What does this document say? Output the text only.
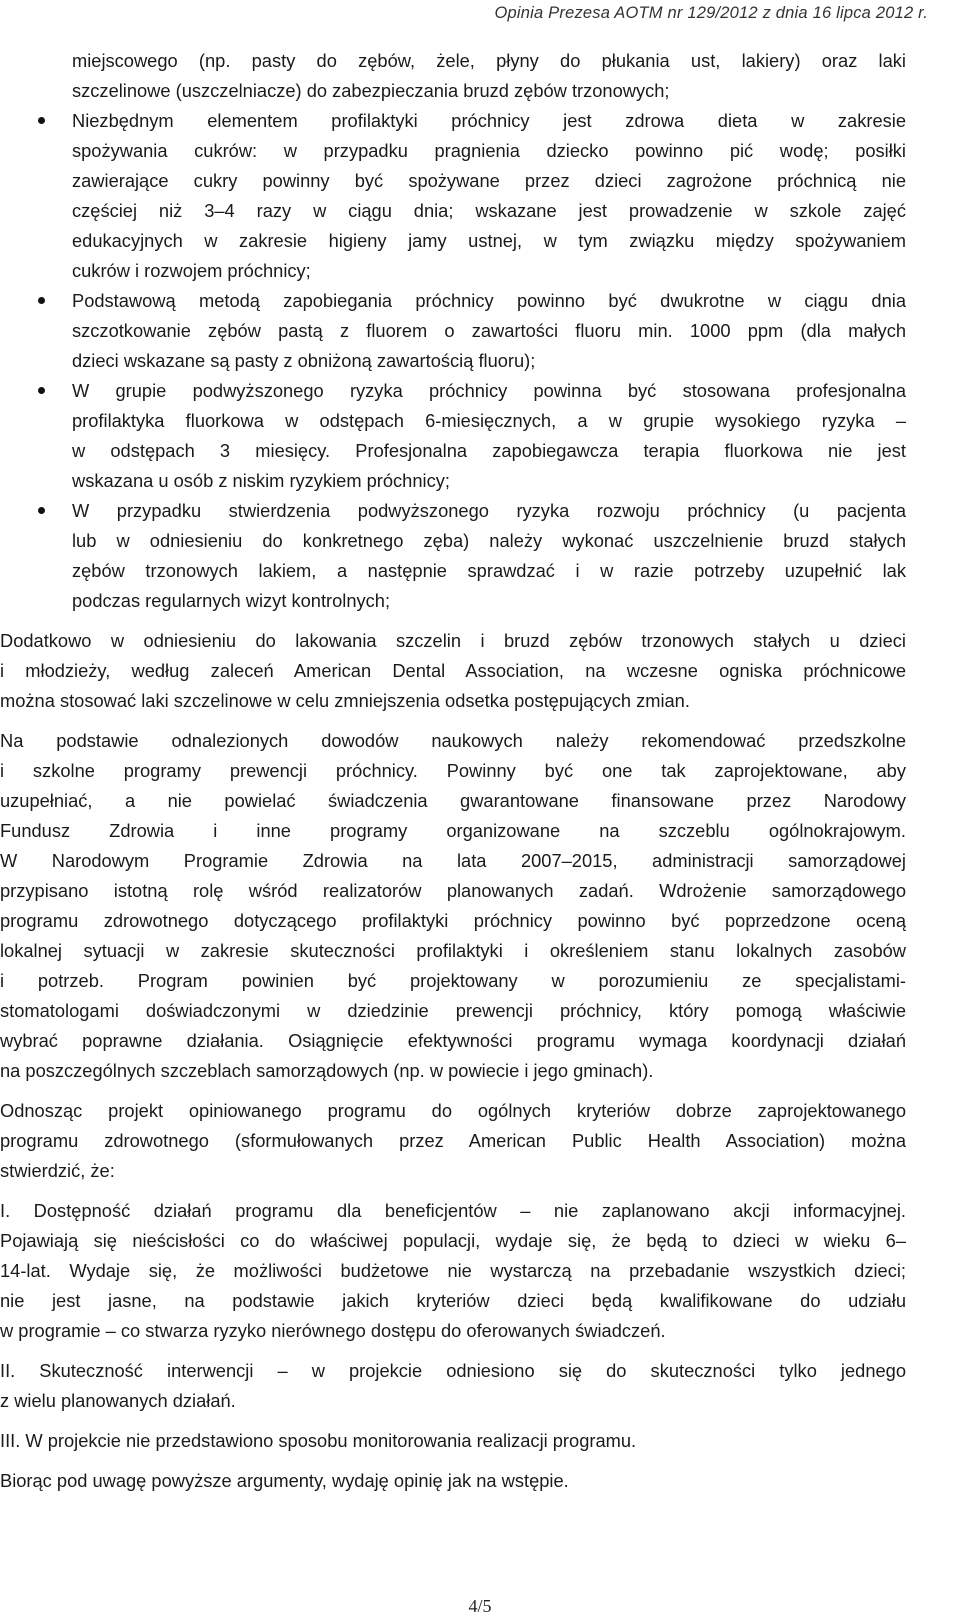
Opinia Prezesa AOTM nr 129/2012 z dnia 16 lipca 2012 r.
miejscowego (np. pasty do zębów, żele, płyny do płukania ust, lakiery) oraz laki
szczelinowe (uszczelniacze) do zabezpieczania bruzd zębów trzonowych;
Niezbędnym elementem profilaktyki próchnicy jest zdrowa dieta w zakresie
spożywania cukrów: w przypadku pragnienia dziecko powinno pić wodę; posiłki
zawierające cukry powinny być spożywane przez dzieci zagrożone próchnicą nie
częściej niż 3–4 razy w ciągu dnia; wskazane jest prowadzenie w szkole zajęć
edukacyjnych w zakresie higieny jamy ustnej, w tym związku między spożywaniem
cukrów i rozwojem próchnicy;
Podstawową metodą zapobiegania próchnicy powinno być dwukrotne w ciągu dnia
szczotkowanie zębów pastą z fluorem o zawartości fluoru min. 1000 ppm (dla małych
dzieci wskazane są pasty z obniżoną zawartością fluoru);
W grupie podwyższonego ryzyka próchnicy powinna być stosowana profesjonalna
profilaktyka fluorkowa w odstępach 6-miesięcznych, a w grupie wysokiego ryzyka –
w odstępach 3 miesięcy. Profesjonalna zapobiegawcza terapia fluorkowa nie jest
wskazana u osób z niskim ryzykiem próchnicy;
W przypadku stwierdzenia podwyższonego ryzyka rozwoju próchnicy (u pacjenta
lub w odniesieniu do konkretnego zęba) należy wykonać uszczelnienie bruzd stałych
zębów trzonowych lakiem, a następnie sprawdzać i w razie potrzeby uzupełnić lak
podczas regularnych wizyt kontrolnych;
Dodatkowo w odniesieniu do lakowania szczelin i bruzd zębów trzonowych stałych u dzieci
i młodzieży, według zaleceń American Dental Association, na wczesne ogniska próchnicowe
można stosować laki szczelinowe w celu zmniejszenia odsetka postępujących zmian.
Na podstawie odnalezionych dowodów naukowych należy rekomendować przedszkolne
i szkolne programy prewencji próchnicy. Powinny być one tak zaprojektowane, aby
uzupełniać, a nie powielać świadczenia gwarantowane finansowane przez Narodowy
Fundusz Zdrowia i inne programy organizowane na szczeblu ogólnokrajowym.
W Narodowym Programie Zdrowia na lata 2007–2015, administracji samorządowej
przypisano istotną rolę wśród realizatorów planowanych zadań. Wdrożenie samorządowego
programu zdrowotnego dotyczącego profilaktyki próchnicy powinno być poprzedzone oceną
lokalnej sytuacji w zakresie skuteczności profilaktyki i określeniem stanu lokalnych zasobów
i potrzeb. Program powinien być projektowany w porozumieniu ze specjalistami-
stomatologami doświadczonymi w dziedzinie prewencji próchnicy, który pomogą właściwie
wybrać poprawne działania. Osiągnięcie efektywności programu wymaga koordynacji działań
na poszczególnych szczeblach samorządowych (np. w powiecie i jego gminach).
Odnosząc projekt opiniowanego programu do ogólnych kryteriów dobrze zaprojektowanego
programu zdrowotnego (sformułowanych przez American Public Health Association) można
stwierdzić, że:
I. Dostępność działań programu dla beneficjentów – nie zaplanowano akcji informacyjnej.
Pojawiają się nieścisłości co do właściwej populacji, wydaje się, że będą to dzieci w wieku 6–
14-lat. Wydaje się, że możliwości budżetowe nie wystarczą na przebadanie wszystkich dzieci;
nie jest jasne, na podstawie jakich kryteriów dzieci będą kwalifikowane do udziału
w programie – co stwarza ryzyko nierównego dostępu do oferowanych świadczeń.
II. Skuteczność interwencji – w projekcie odniesiono się do skuteczności tylko jednego
z wielu planowanych działań.
III. W projekcie nie przedstawiono sposobu monitorowania realizacji programu.
Biorąc pod uwagę powyższe argumenty, wydaję opinię jak na wstępie.
4/5
